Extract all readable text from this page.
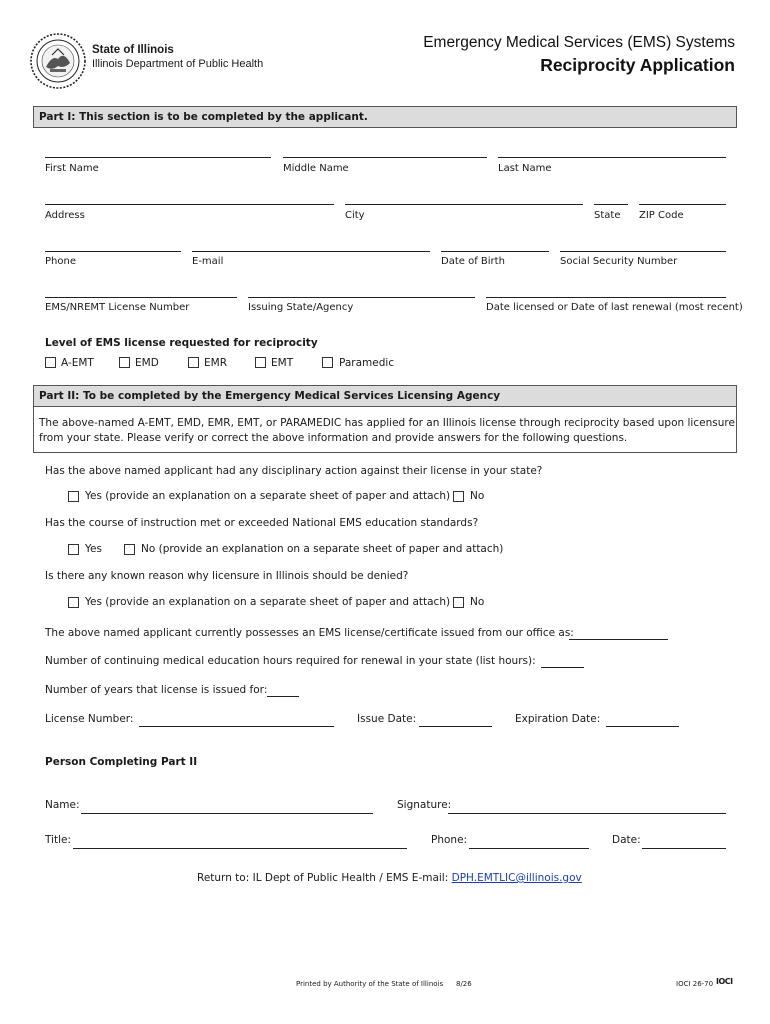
State of Illinois
Illinois Department of Public Health
Emergency Medical Services (EMS) Systems
Reciprocity Application
Part I: This section is to be completed by the applicant.
First Name	Middle Name	Last Name
Address	City	State ZIP Code
Phone	E-mail	Date of Birth	Social Security Number
EMS/NREMT License Number	Issuing State/Agency	Date licensed or Date of last renewal (most recent)
Level of EMS license requested for reciprocity
A-EMT	EMD	EMR	EMT	Paramedic
Part II: To be completed by the Emergency Medical Services Licensing Agency
The above-named A-EMT, EMD, EMR, EMT, or PARAMEDIC has applied for an Illinois license through reciprocity based upon licensure
from your state. Please verify or correct the above information and provide answers for the following questions.
Has the above named applicant had any disciplinary action against their license in your state?
Yes (provide an explanation on a separate sheet of paper and attach) No
Has the course of instruction met or exceeded National EMS education standards?
Yes	No (provide an explanation on a separate sheet of paper and attach)
Is there any known reason why licensure in Illinois should be denied?
Yes (provide an explanation on a separate sheet of paper and attach) No
The above named applicant currently possesses an EMS license/certificate issued from our office as:
Number of continuing medical education hours required for renewal in your state (list hours):
Number of years that license is issued for:
License Number:	Issue Date:	Expiration Date:
Person Completing Part II
Name:	Signature:
Title:	Phone:	Date:
Return to: IL Dept of Public Health / EMS E-mail: DPH.EMTLIC@illinois.gov
Printed by Authority of the State of Illinois 8/26	IOCI 26-70 IOCI
